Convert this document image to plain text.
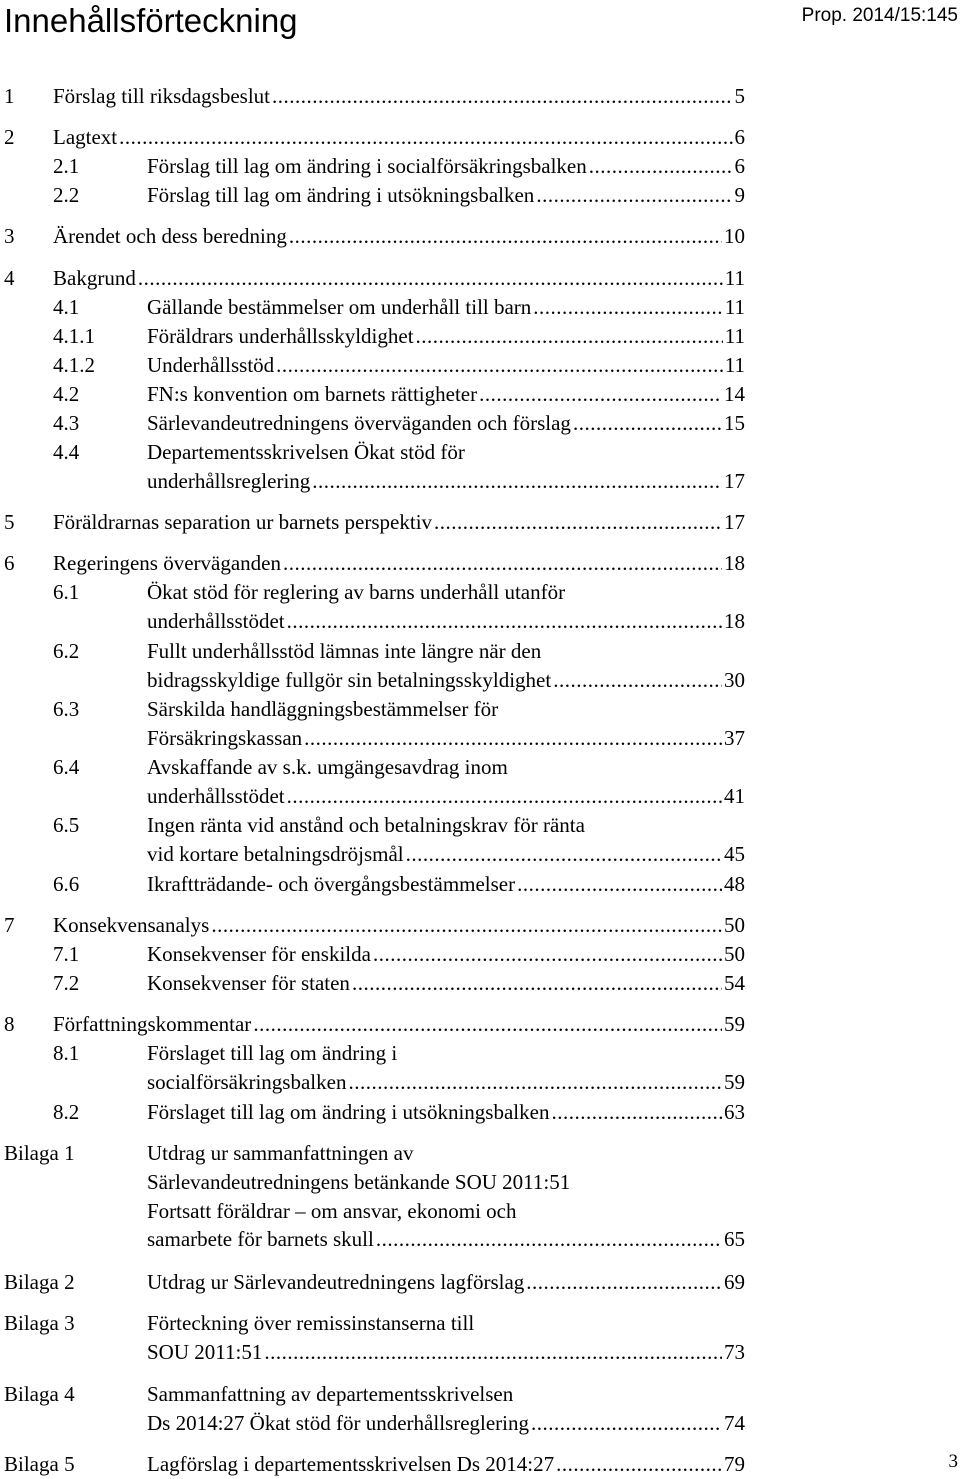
Innehållsförteckning	Prop. 2014/15:145
1 Förslag till riksdagsbeslut .....	5
2 Lagtext .....	6
2.1	Förslag till lag om ändring i socialförsäkringsbalken .....	6
2.2	Förslag till lag om ändring i utsökningsbalken .....	9
3 Ärendet och dess beredning .....	10
4 Bakgrund .....	11
4.1	Gällande bestämmelser om underhåll till barn .....	11
4.1.1 Föräldrars underhållsskyldighet .....	11
4.1.2 Underhållsstöd .....	11
4.2	FN:s konvention om barnets rättigheter .....	14
4.3	Särlevandeutredningens överväganden och förslag .....	15
4.4	Departementsskrivelsen Ökat stöd för
underhållsreglering .....	17
5 Föräldrarnas separation ur barnets perspektiv .....	17
6 Regeringens överväganden .....	18
6.1	Ökat stöd för reglering av barns underhåll utanför
underhållsstödet .....	18
6.2	Fullt underhållsstöd lämnas inte längre när den
bidragsskyldige fullgör sin betalningsskyldighet .....	30
6.3	Särskilda handläggningsbestämmelser för
Försäkringskassan .....	37
6.4	Avskaffande av s.k. umgängesavdrag inom
underhållsstödet .....	41
6.5	Ingen ränta vid anstånd och betalningskrav för ränta
vid kortare betalningsdröjsmål .....	45
6.6	Ikraftträdande- och övergångsbestämmelser .....	48
7 Konsekvensanalys .....	50
7.1	Konsekvenser för enskilda .....	50
7.2	Konsekvenser för staten .....	54
8 Författningskommentar .....	59
8.1	Förslaget till lag om ändring i
socialförsäkringsbalken .....	59
8.2	Förslaget till lag om ändring i utsökningsbalken .....	63
Bilaga 1	Utdrag ur sammanfattningen av
Särlevandeutredningens betänkande SOU 2011:51
Fortsatt föräldrar – om ansvar, ekonomi och
samarbete för barnets skull .....	65
Bilaga 2	Utdrag ur Särlevandeutredningens lagförslag .....	69
Bilaga 3	Förteckning över remissinstanserna till
SOU 2011:51 .....	73
Bilaga 4	Sammanfattning av departementsskrivelsen
Ds 2014:27 Ökat stöd för underhållsreglering .....	74
Bilaga 5	Lagförslag i departementsskrivelsen Ds 2014:27 .....	79	3
